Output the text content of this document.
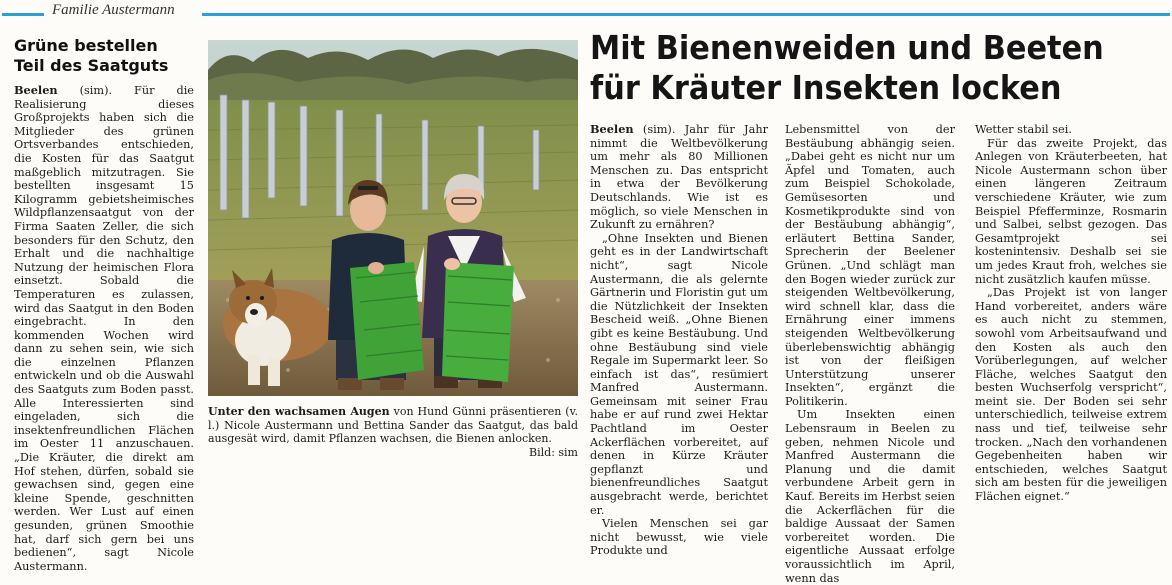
Familie Austermann
Grüne bestellen
Teil des Saatguts

Beelen (sim). Für die Realisierung dieses Großprojekts haben sich die Mitglieder des grünen Ortsverbandes entschieden, die Kosten für das Saatgut maßgeblich mitzutragen. Sie bestellten insgesamt 15 Kilogramm gebietsheimisches Wildpflanzensaatgut von der Firma Saaten Zeller, die sich besonders für den Schutz, den Erhalt und die nachhaltige Nutzung der heimischen Flora einsetzt. Sobald die Temperaturen es zulassen, wird das Saatgut in den Boden eingebracht. In den kommenden Wochen wird dann zu sehen sein, wie sich die einzelnen Pflanzen entwickeln und ob die Auswahl des Saatguts zum Boden passt. Alle Interessierten sind eingeladen, sich die insektenfreundlichen Flächen im Oester 11 anzuschauen. „Die Kräuter, die direkt am Hof stehen, dürfen, sobald sie gewachsen sind, gegen eine kleine Spende, geschnitten werden. Wer Lust auf einen gesunden, grünen Smoothie hat, darf sich gern bei uns bedienen“, sagt Nicole Austermann.

Unter den wachsamen Augen von Hund Günni präsentieren (v. l.) Nicole Austermann und Bettina Sander das Saatgut, das bald ausgesät wird, damit Pflanzen wachsen, die Bienen anlocken.
Bild: sim
Mit Bienenweiden und Beeten
für Kräuter Insekten locken

Beelen (sim). Jahr für Jahr nimmt die Weltbevölkerung um mehr als 80 Millionen Menschen zu. Das entspricht in etwa der Bevölkerung Deutschlands. Wie ist es möglich, so viele Menschen in Zukunft zu ernähren?

„Ohne Insekten und Bienen geht es in der Landwirtschaft nicht“, sagt Nicole Austermann, die als gelernte Gärtnerin und Floristin gut um die Nützlichkeit der Insekten Bescheid weiß. „Ohne Bienen gibt es keine Bestäubung. Und ohne Bestäubung sind viele Regale im Supermarkt leer. So einfach ist das“, resümiert Manfred Austermann. Gemeinsam mit seiner Frau habe er auf rund zwei Hektar Pachtland im Oester Ackerflächen vorbereitet, auf denen in Kürze Kräuter gepflanzt und bienenfreundliches Saatgut ausgebracht werde, berichtet er.

Vielen Menschen sei gar nicht bewusst, wie viele Produkte und

Lebensmittel von der Bestäubung abhängig seien. „Dabei geht es nicht nur um Äpfel und Tomaten, auch zum Beispiel Schokolade, Gemüsesorten und Kosmetikprodukte sind von der Bestäubung abhängig“, erläutert Bettina Sander, Sprecherin der Beelener Grünen. „Und schlägt man den Bogen wieder zurück zur steigenden Weltbevölkerung, wird schnell klar, dass die Ernährung einer immens steigenden Weltbevölkerung überlebenswichtig abhängig ist von der fleißigen Unterstützung unserer Insekten“, ergänzt die Politikerin.

Um Insekten einen Lebensraum in Beelen zu geben, nehmen Nicole und Manfred Austermann die Planung und die damit verbundene Arbeit gern in Kauf. Bereits im Herbst seien die Ackerflächen für die baldige Aussaat der Samen vorbereitet worden. Die eigentliche Aussaat erfolge voraussichtlich im April, wenn das

Wetter stabil sei.

Für das zweite Projekt, das Anlegen von Kräuterbeeten, hat Nicole Austermann schon über einen längeren Zeitraum verschiedene Kräuter, wie zum Beispiel Pfefferminze, Rosmarin und Salbei, selbst gezogen. Das Gesamtprojekt sei kostenintensiv. Deshalb sei sie um jedes Kraut froh, welches sie nicht zusätzlich kaufen müsse.

„Das Projekt ist von langer Hand vorbereitet, anders wäre es auch nicht zu stemmen, sowohl vom Arbeitsaufwand und den Kosten als auch den Vorüberlegungen, auf welcher Fläche, welches Saatgut den besten Wuchserfolg verspricht“, meint sie. Der Boden sei sehr unterschiedlich, teilweise extrem nass und tief, teilweise sehr trocken. „Nach den vorhandenen Gegebenheiten haben wir entschieden, welches Saatgut sich am besten für die jeweiligen Flächen eignet.“
